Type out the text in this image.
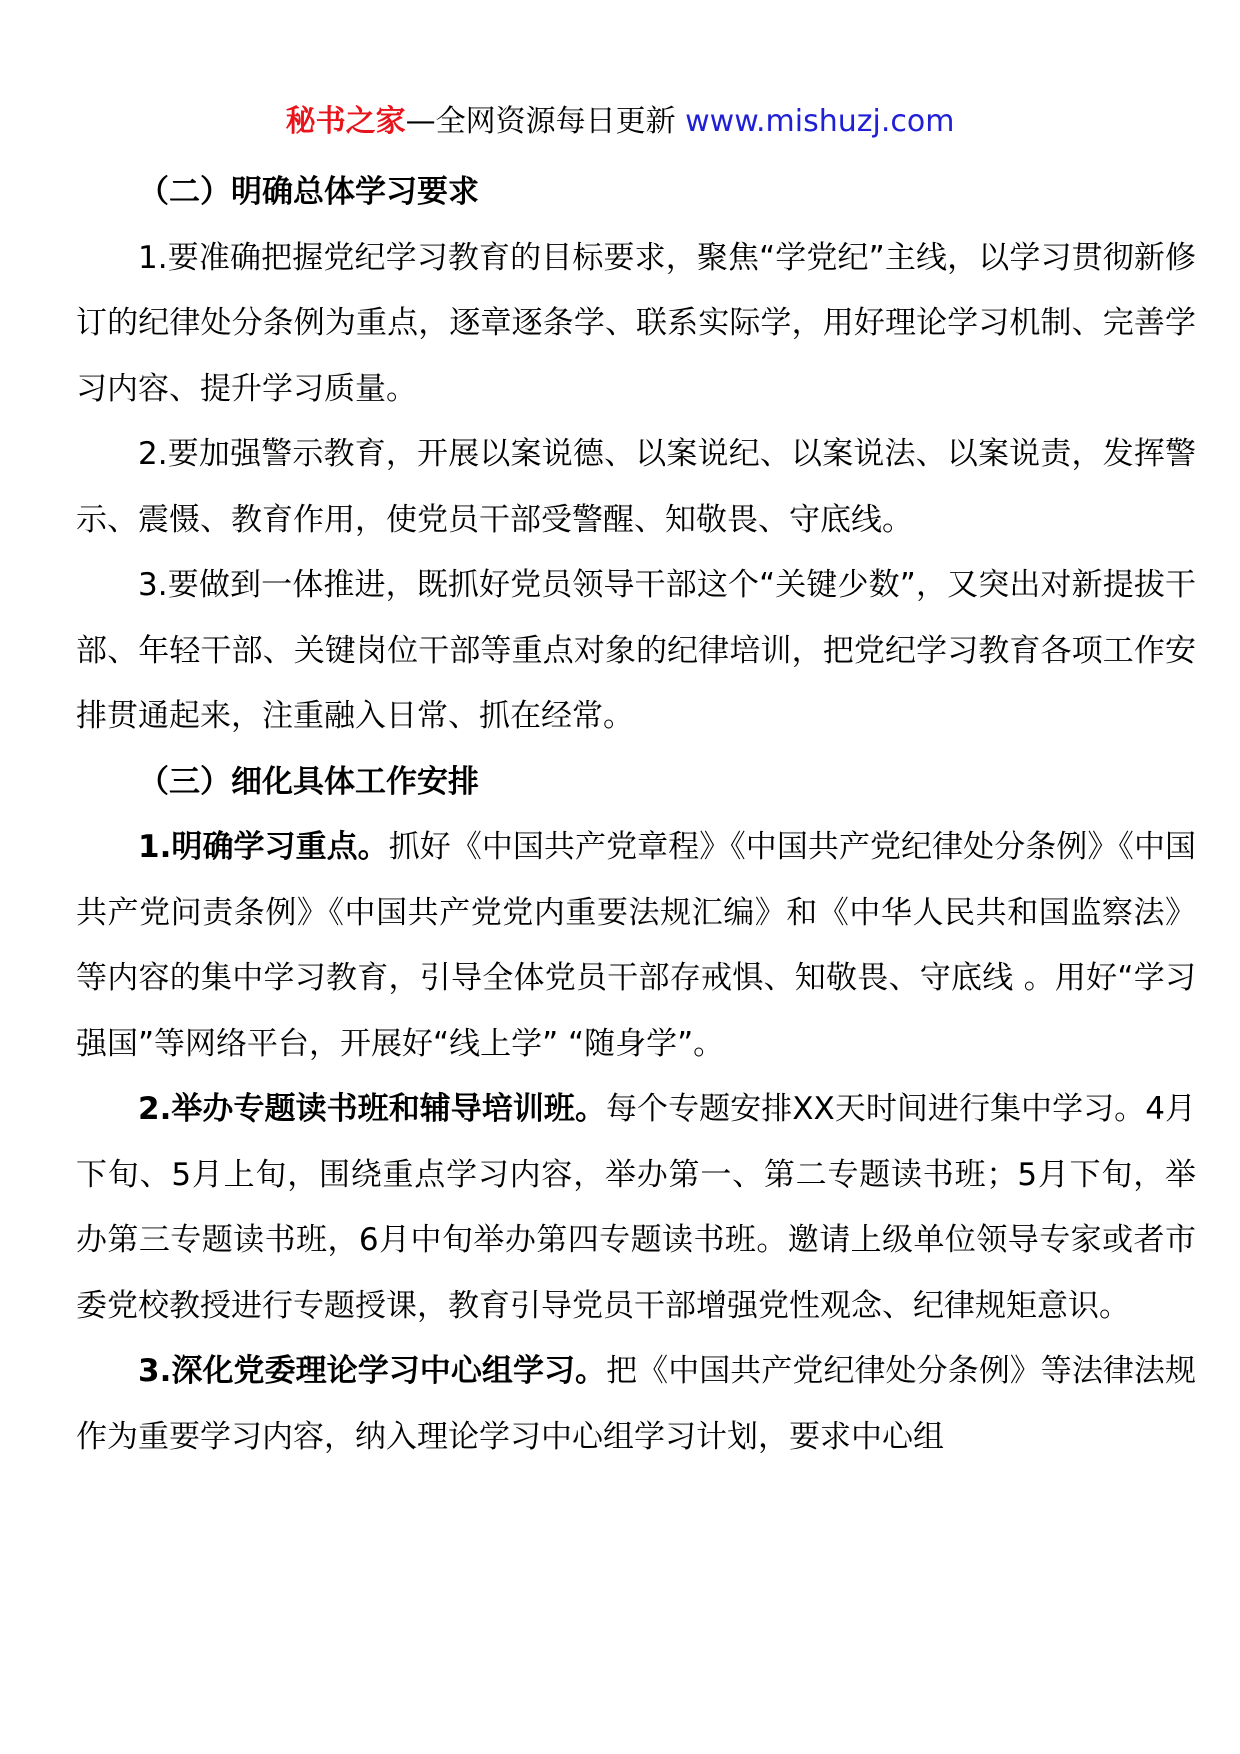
秘书之家—全网资源每日更新 www.mishuzj.com

（二）明确总体学习要求

1.要准确把握党纪学习教育的目标要求，聚焦“学党纪”主线，以学习贯彻新修订的纪律处分条例为重点，逐章逐条学、联系实际学，用好理论学习机制、完善学习内容、提升学习质量。

2.要加强警示教育，开展以案说德、以案说纪、以案说法、以案说责，发挥警示、震慑、教育作用，使党员干部受警醒、知敬畏、守底线。

3.要做到一体推进，既抓好党员领导干部这个“关键少数”，又突出对新提拔干部、年轻干部、关键岗位干部等重点对象的纪律培训，把党纪学习教育各项工作安排贯通起来，注重融入日常、抓在经常。

（三）细化具体工作安排

1.明确学习重点。抓好《中国共产党章程》《中国共产党纪律处分条例》《中国共产党问责条例》《中国共产党党内重要法规汇编》和《中华人民共和国监察法》等内容的集中学习教育，引导全体党员干部存戒惧、知敬畏、守底线 。用好“学习强国”等网络平台，开展好“线上学” “随身学”。

2.举办专题读书班和辅导培训班。每个专题安排XX天时间进行集中学习。4月下旬、5月上旬，围绕重点学习内容，举办第一、第二专题读书班；5月下旬，举办第三专题读书班，6月中旬举办第四专题读书班。邀请上级单位领导专家或者市委党校教授进行专题授课，教育引导党员干部增强党性观念、纪律规矩意识。

3.深化党委理论学习中心组学习。把《中国共产党纪律处分条例》等法律法规作为重要学习内容，纳入理论学习中心组学习计划，要求中心组
